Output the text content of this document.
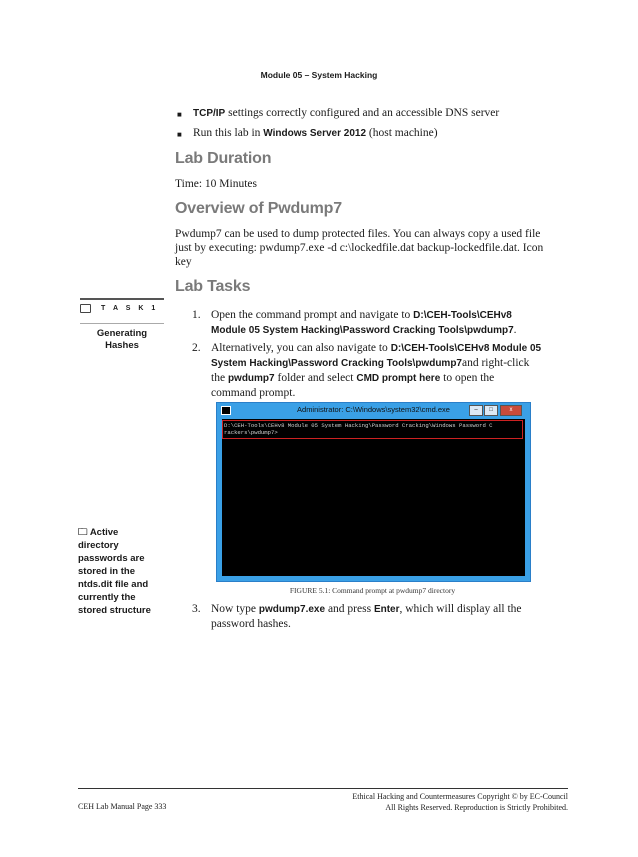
Module 05 – System Hacking
■ TCP/IP settings correctly configured and an accessible DNS server
■ Run this lab in Windows Server 2012 (host machine)
Lab Duration
Time: 10 Minutes
Overview of Pwdump7
Pwdump7 can be used to dump protected files. You can always copy a used file
just by executing: pwdump7.exe -d c:\lockedfile.dat backup-lockedfile.dat. Icon
key
Lab Tasks
T A S K 1
Generating
Hashes
🗀 Active
directory
passwords are
stored in the
ntds.dit file and
currently the
stored structure
1. Open the command prompt and navigate to D:\CEH-Tools\CEHv8
Module 05 System Hacking\Password Cracking Tools\pwdump7.
2. Alternatively, you can also navigate to D:\CEH-Tools\CEHv8 Module 05
System Hacking\Password Cracking Tools\pwdump7and right-click
the pwdump7 folder and select CMD prompt here to open the
command prompt.
Administrator: C:\Windows\system32\cmd.exe	–	□	x
D:\CEH-Tools\CEHv8 Module 05 System Hacking\Password Cracking\Windows Password C
rackers\pwdump7>
FIGURE 5.1: Command prompt at pwdump7 directory
3. Now type pwdump7.exe and press Enter, which will display all the
password hashes.
CEH Lab Manual Page 333
Ethical Hacking and Countermeasures Copyright © by EC-Council
All Rights Reserved. Reproduction is Strictly Prohibited.
